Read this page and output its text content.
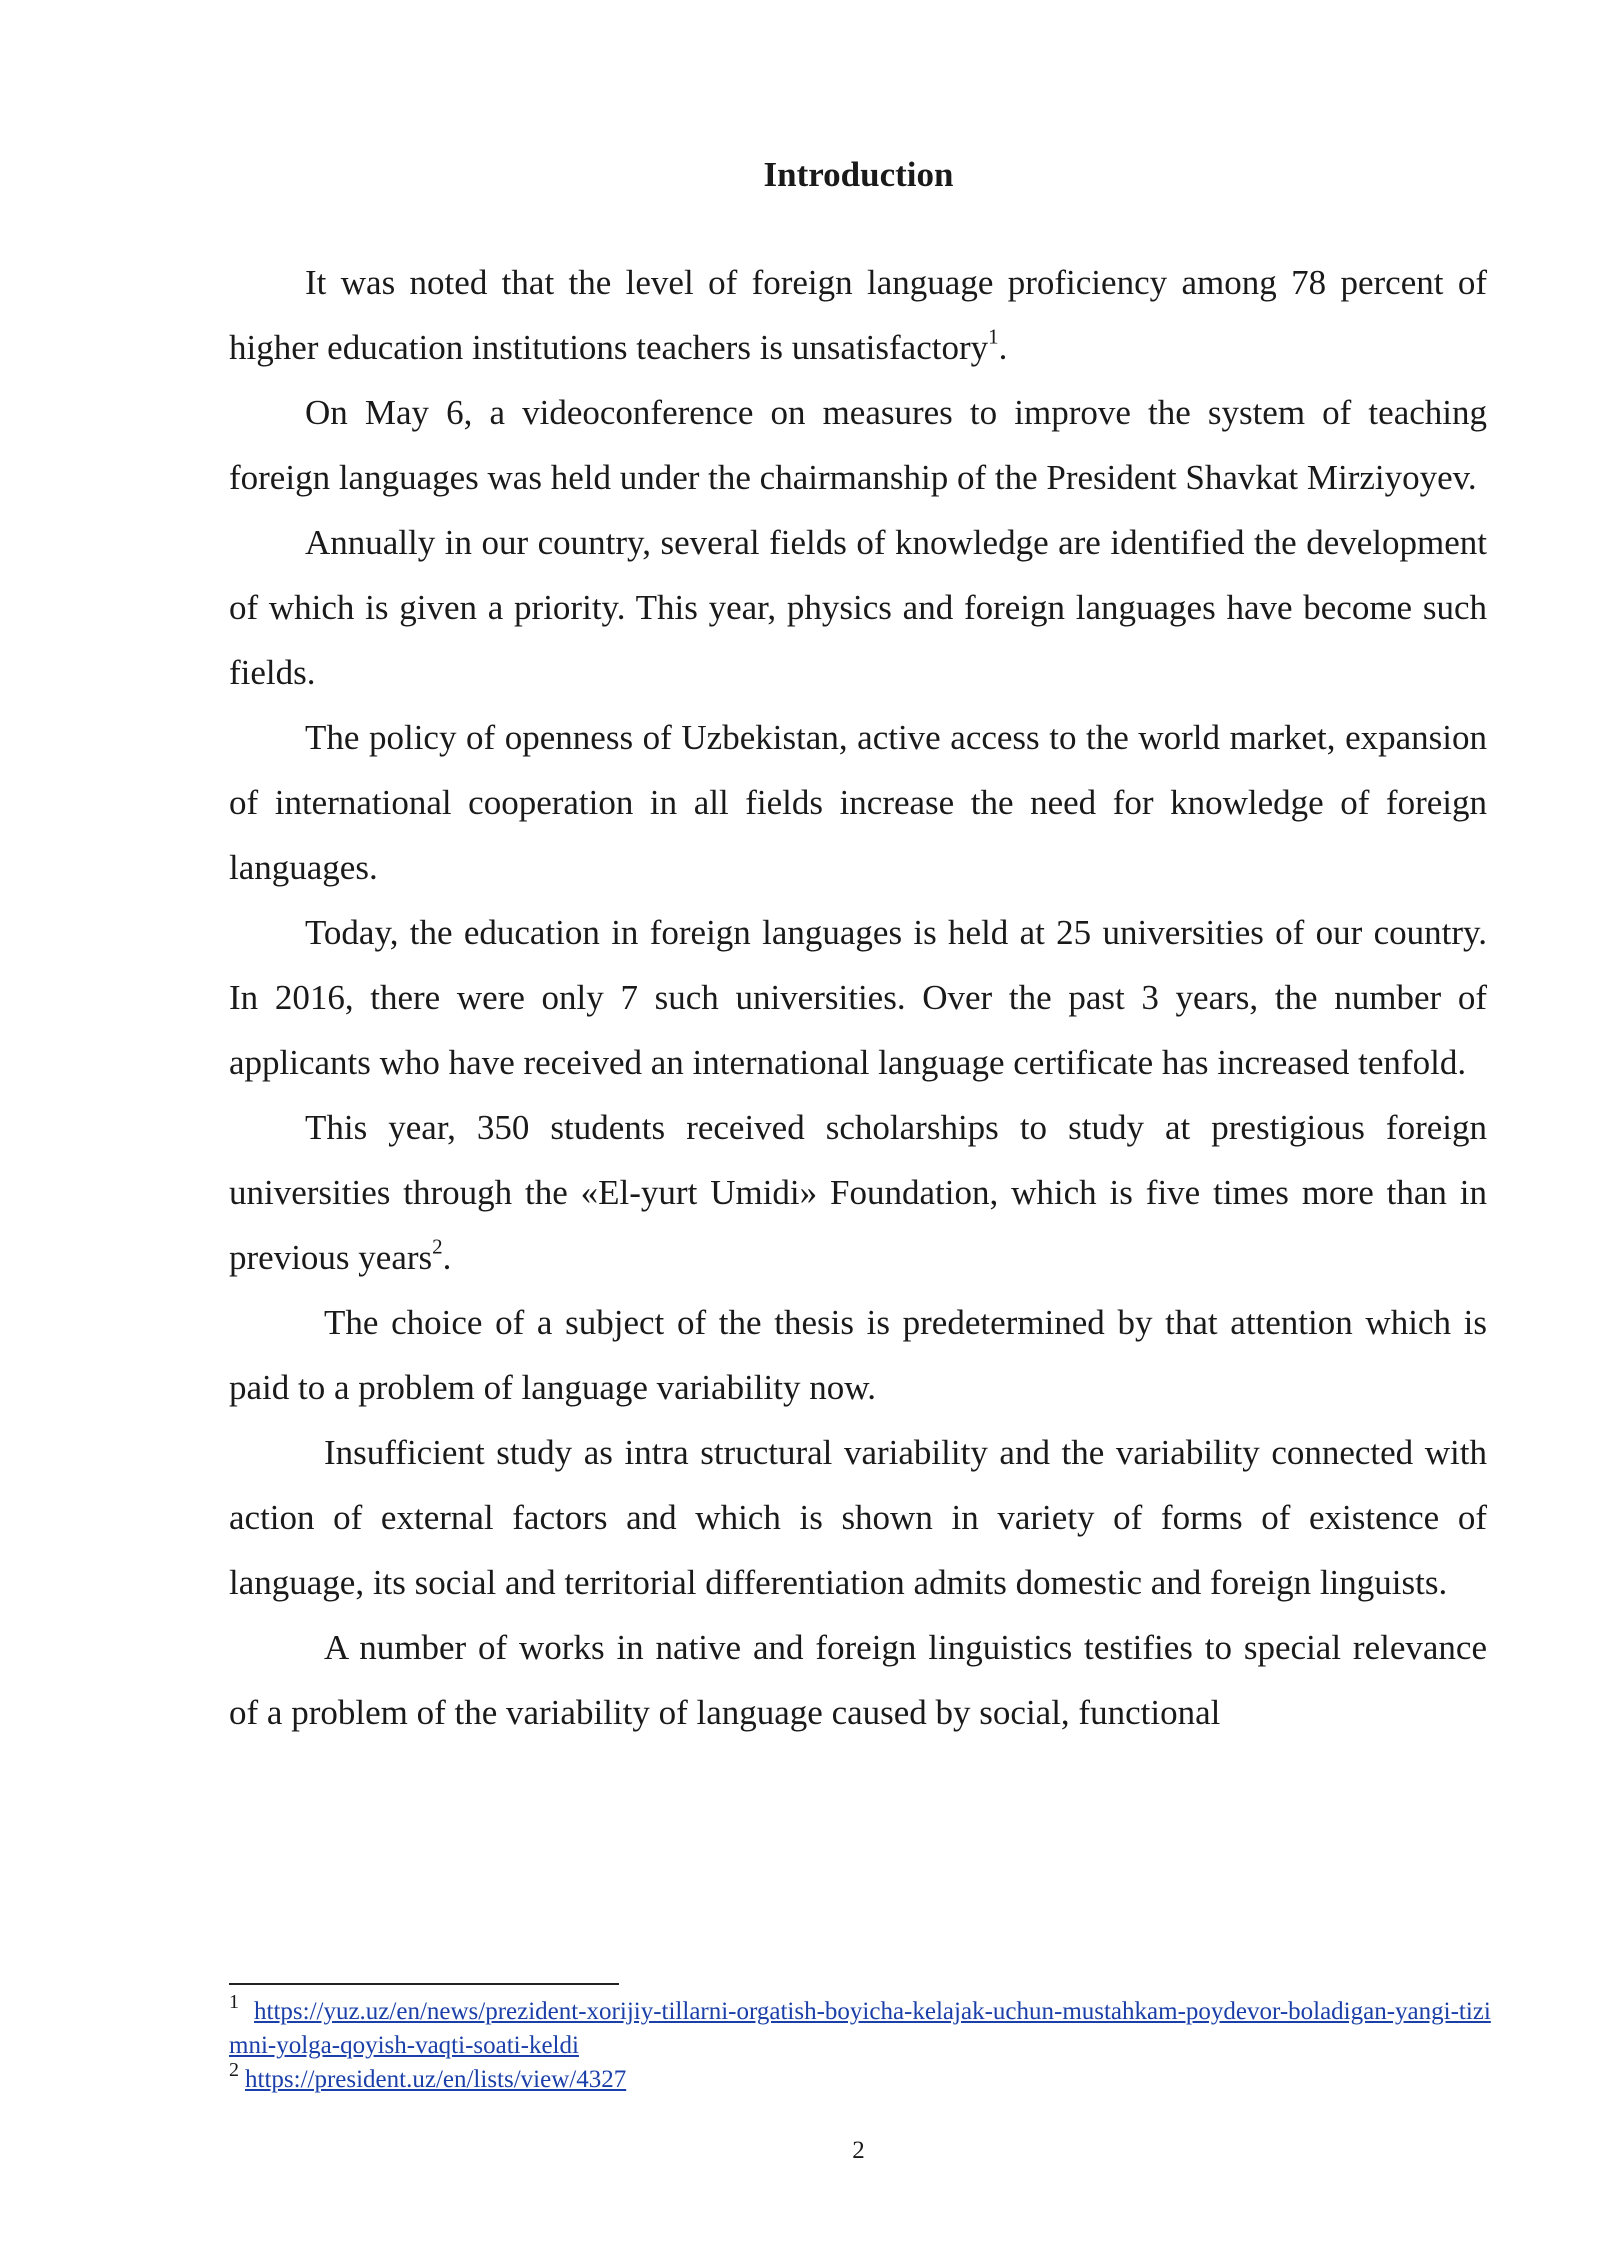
Introduction

It was noted that the level of foreign language proficiency among 78 percent of higher education institutions teachers is unsatisfactory$^1$.

On May 6, a videoconference on measures to improve the system of teaching foreign languages was held under the chairmanship of the President Shavkat Mirziyoyev.

Annually in our country, several fields of knowledge are identified the development of which is given a priority. This year, physics and foreign languages have become such fields.

The policy of openness of Uzbekistan, active access to the world market, expansion of international cooperation in all fields increase the need for knowledge of foreign languages.

Today, the education in foreign languages is held at 25 universities of our country. In 2016, there were only 7 such universities. Over the past 3 years, the number of applicants who have received an international language certificate has increased tenfold.

This year, 350 students received scholarships to study at prestigious foreign universities through the «El-yurt Umidi» Foundation, which is five times more than in previous years$^2$.

The choice of a subject of the thesis is predetermined by that attention which is paid to a problem of language variability now.

Insufficient study as intra structural variability and the variability connected with action of external factors and which is shown in variety of forms of existence of language, its social and territorial differentiation admits domestic and foreign linguists.

A number of works in native and foreign linguistics testifies to special relevance of a problem of the variability of language caused by social, functional

$^1$ https://yuz.uz/en/news/prezident-xorijiy-tillarni-orgatish-boyicha-kelajak-uchun-mustahkam-poydevor-boladigan-yangi-tizimni-yolga-qoyish-vaqti-soati-keldi

$^2$ https://president.uz/en/lists/view/4327

2
